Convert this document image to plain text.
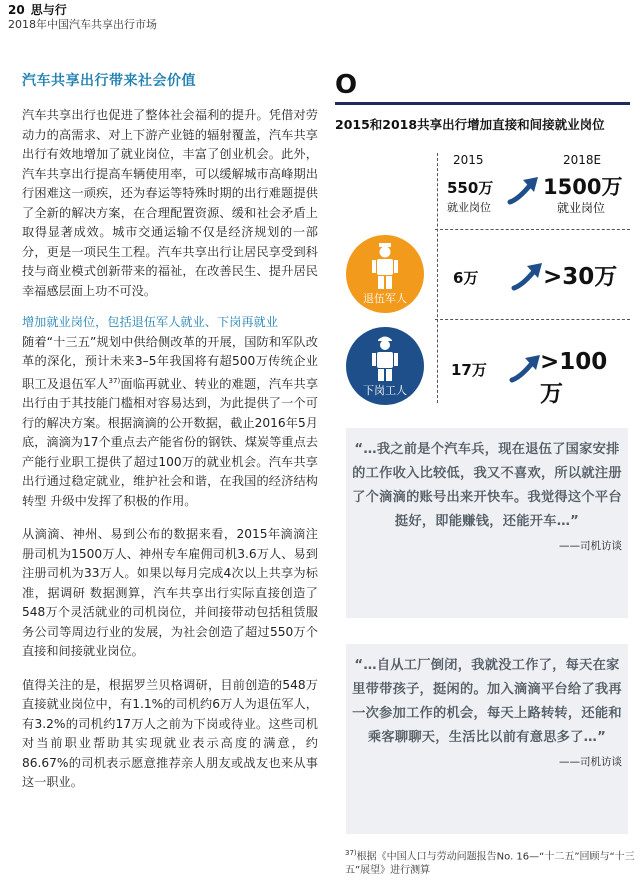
20 思与行
2018年中国汽车共享出行市场
汽车共享出行带来社会价值

汽车共享出行也促进了整体社会福利的提升。凭借对劳动力的高需求、对上下游产业链的辐射覆盖，汽车共享出行有效地增加了就业岗位，丰富了创业机会。此外，汽车共享出行提高车辆使用率，可以缓解城市高峰期出行困难这一顽疾，还为春运等特殊时期的出行难题提供了全新的解决方案，在合理配置资源、缓和社会矛盾上取得显著成效。城市交通运输不仅是经济规划的一部分，更是一项民生工程。汽车共享出行让居民享受到科技与商业模式创新带来的福祉，在改善民生、提升居民幸福感层面上功不可没。

增加就业岗位，包括退伍军人就业、下岗再就业

随着“十三五”规划中供给侧改革的开展，国防和军队改革的深化，预计未来3–5年我国将有超500万传统企业职工及退伍军人$^{37)}$面临再就业、转业的难题，汽车共享出行由于其技能门槛相对容易达到，为此提供了一个可行的解决方案。根据滴滴的公开数据，截止2016年5月底，滴滴为17个重点去产能省份的钢铁、煤炭等重点去产能行业职工提供了超过100万的就业机会。汽车共享出行通过稳定就业，维护社会和谐，在我国的经济结构转型 升级中发挥了积极的作用。

从滴滴、神州、易到公布的数据来看，2015年滴滴注册司机为1500万人、神州专车雇佣司机3.6万人、易到注册司机为33万人。如果以每月完成4次以上共享为标准，据调研 数据测算，汽车共享出行实际直接创造了548万个灵活就业的司机岗位，并间接带动包括租赁服务公司等周边行业的发展，为社会创造了超过550万个直接和间接就业岗位。

值得关注的是，根据罗兰贝格调研，目前创造的548万直接就业岗位中，有1.1%的司机约6万人为退伍军人，有3.2%的司机约17万人之前为下岗或待业。这些司机对当前职业帮助其实现就业表示高度的满意，约86.67%的司机表示愿意推荐亲人朋友或战友也来从事这一职业。

O
2015和2018共享出行增加直接和间接就业岗位
2015	2018E
550万
就业岗位
1500万
就业岗位
退伍军人
6万	>30万
下岗工人
17万 >100万
“…我之前是个汽车兵，现在退伍了国家安排的工作收入比较低，我又不喜欢，所以就注册了个滴滴的账号出来开快车。我觉得这个平台挺好，即能赚钱，还能开车…”
——司机访谈
“…自从工厂倒闭，我就没工作了，每天在家里带带孩子，挺闲的。加入滴滴平台给了我再一次参加工作的机会，每天上路转转，还能和乘客聊聊天，生活比以前有意思多了…”
——司机访谈
$^{37)}$根据《中国人口与劳动问题报告No. 16—“十二五”回顾与“十三五”展望》进行测算
